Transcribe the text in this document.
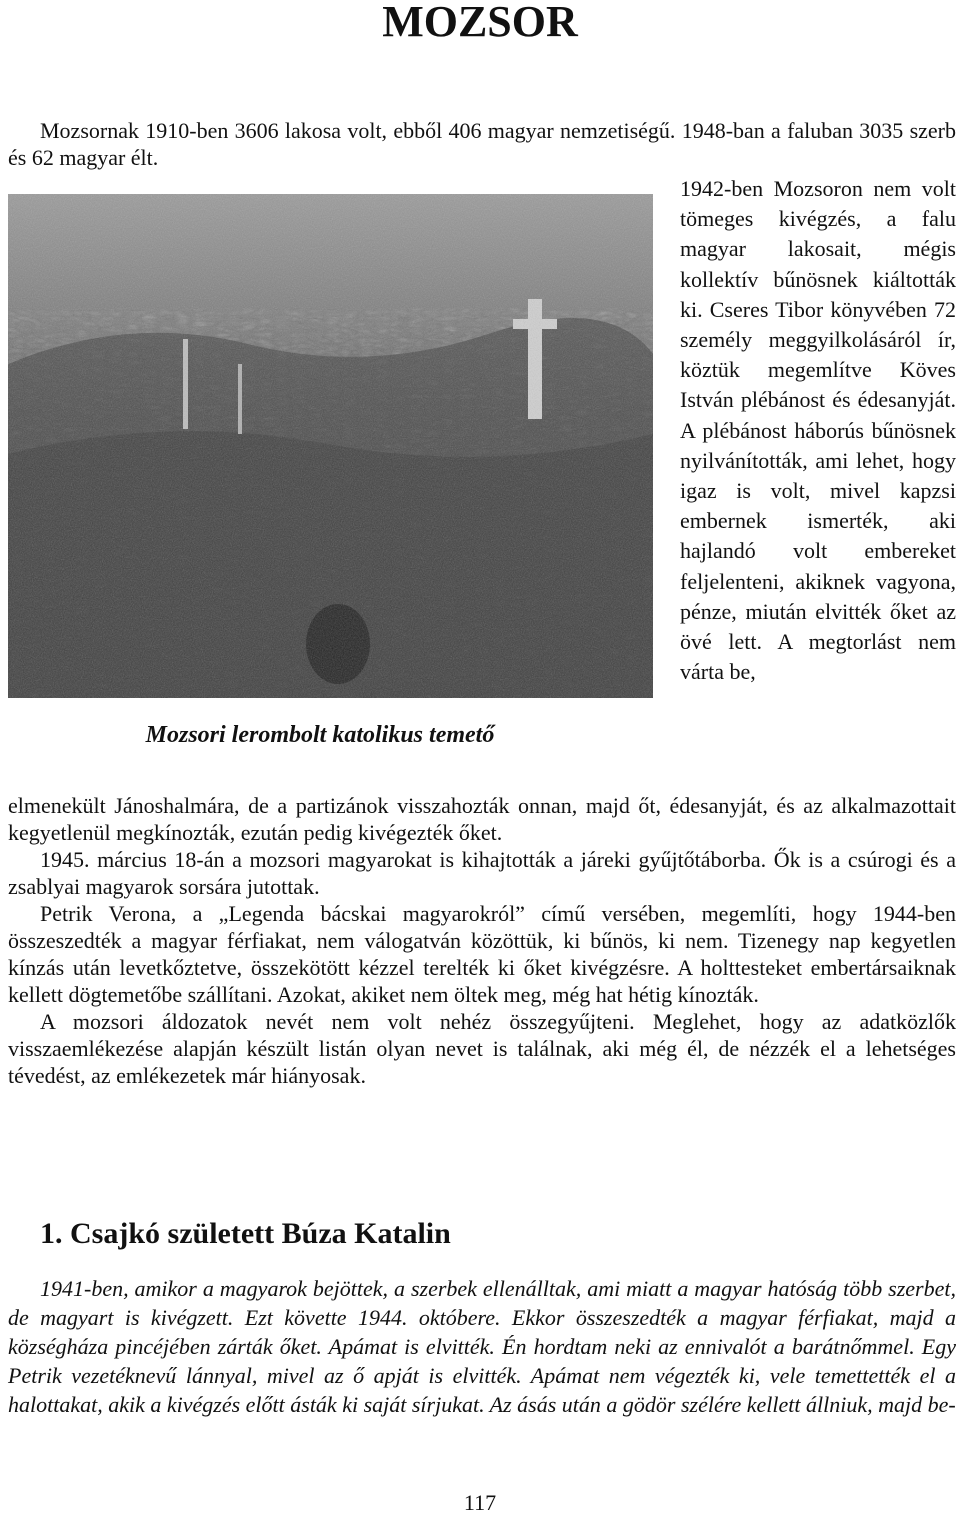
MOZSOR

Mozsornak 1910-ben 3606 lakosa volt, ebből 406 magyar nemzetiségű. 1948-ban a faluban 3035 szerb és 62 magyar élt.

1942-ben Mozsoron nem volt tömeges kivégzés, a falu magyar lakosait, mégis kollektív bűnösnek kiáltották ki. Cseres Tibor könyvében 72 személy meggyilkolásáról ír, köztük megemlítve Köves István plébánost és édesanyját. A plébánost háborús bűnösnek nyilvánították, ami lehet, hogy igaz is volt, mivel kapzsi embernek ismerték, aki hajlandó volt embereket feljelenteni, akiknek vagyona, pénze, miután elvitték őket az övé lett. A megtorlást nem várta be,

Mozsori lerombolt katolikus temető

elmenekült Jánoshalmára, de a partizánok visszahozták onnan, majd őt, édesanyját, és az alkalmazottait kegyetlenül megkínozták, ezután pedig kivégezték őket.

1945. március 18-án a mozsori magyarokat is kihajtották a járeki gyűjtőtáborba. Ők is a csúrogi és a zsablyai magyarok sorsára jutottak.

Petrik Verona, a „Legenda bácskai magyarokról” című versében, megemlíti, hogy 1944-ben összeszedték a magyar férfiakat, nem válogatván közöttük, ki bűnös, ki nem. Tizenegy nap kegyetlen kínzás után levetkőztetve, összekötött kézzel terelték ki őket kivégzésre. A holttesteket embertársaiknak kellett dögtemetőbe szállítani. Azokat, akiket nem öltek meg, még hat hétig kínozták.

A mozsori áldozatok nevét nem volt nehéz összegyűjteni. Meglehet, hogy az adatközlők visszaemlékezése alapján készült listán olyan nevet is találnak, aki még él, de nézzék el a lehetséges tévedést, az emlékezetek már hiányosak.

1. Csajkó született Búza Katalin

1941-ben, amikor a magyarok bejöttek, a szerbek ellenálltak, ami miatt a magyar hatóság több szerbet, de magyart is kivégzett. Ezt követte 1944. októbere. Ekkor összeszedték a magyar férfiakat, majd a községháza pincéjében zárták őket. Apámat is elvitték. Én hordtam neki az ennivalót a barátnőmmel. Egy Petrik vezetéknevű lánnyal, mivel az ő apját is elvitték. Apámat nem végezték ki, vele temettették el a halottakat, akik a kivégzés előtt ásták ki saját sírjukat. Az ásás után a gödör szélére kellett állniuk, majd be-

117
